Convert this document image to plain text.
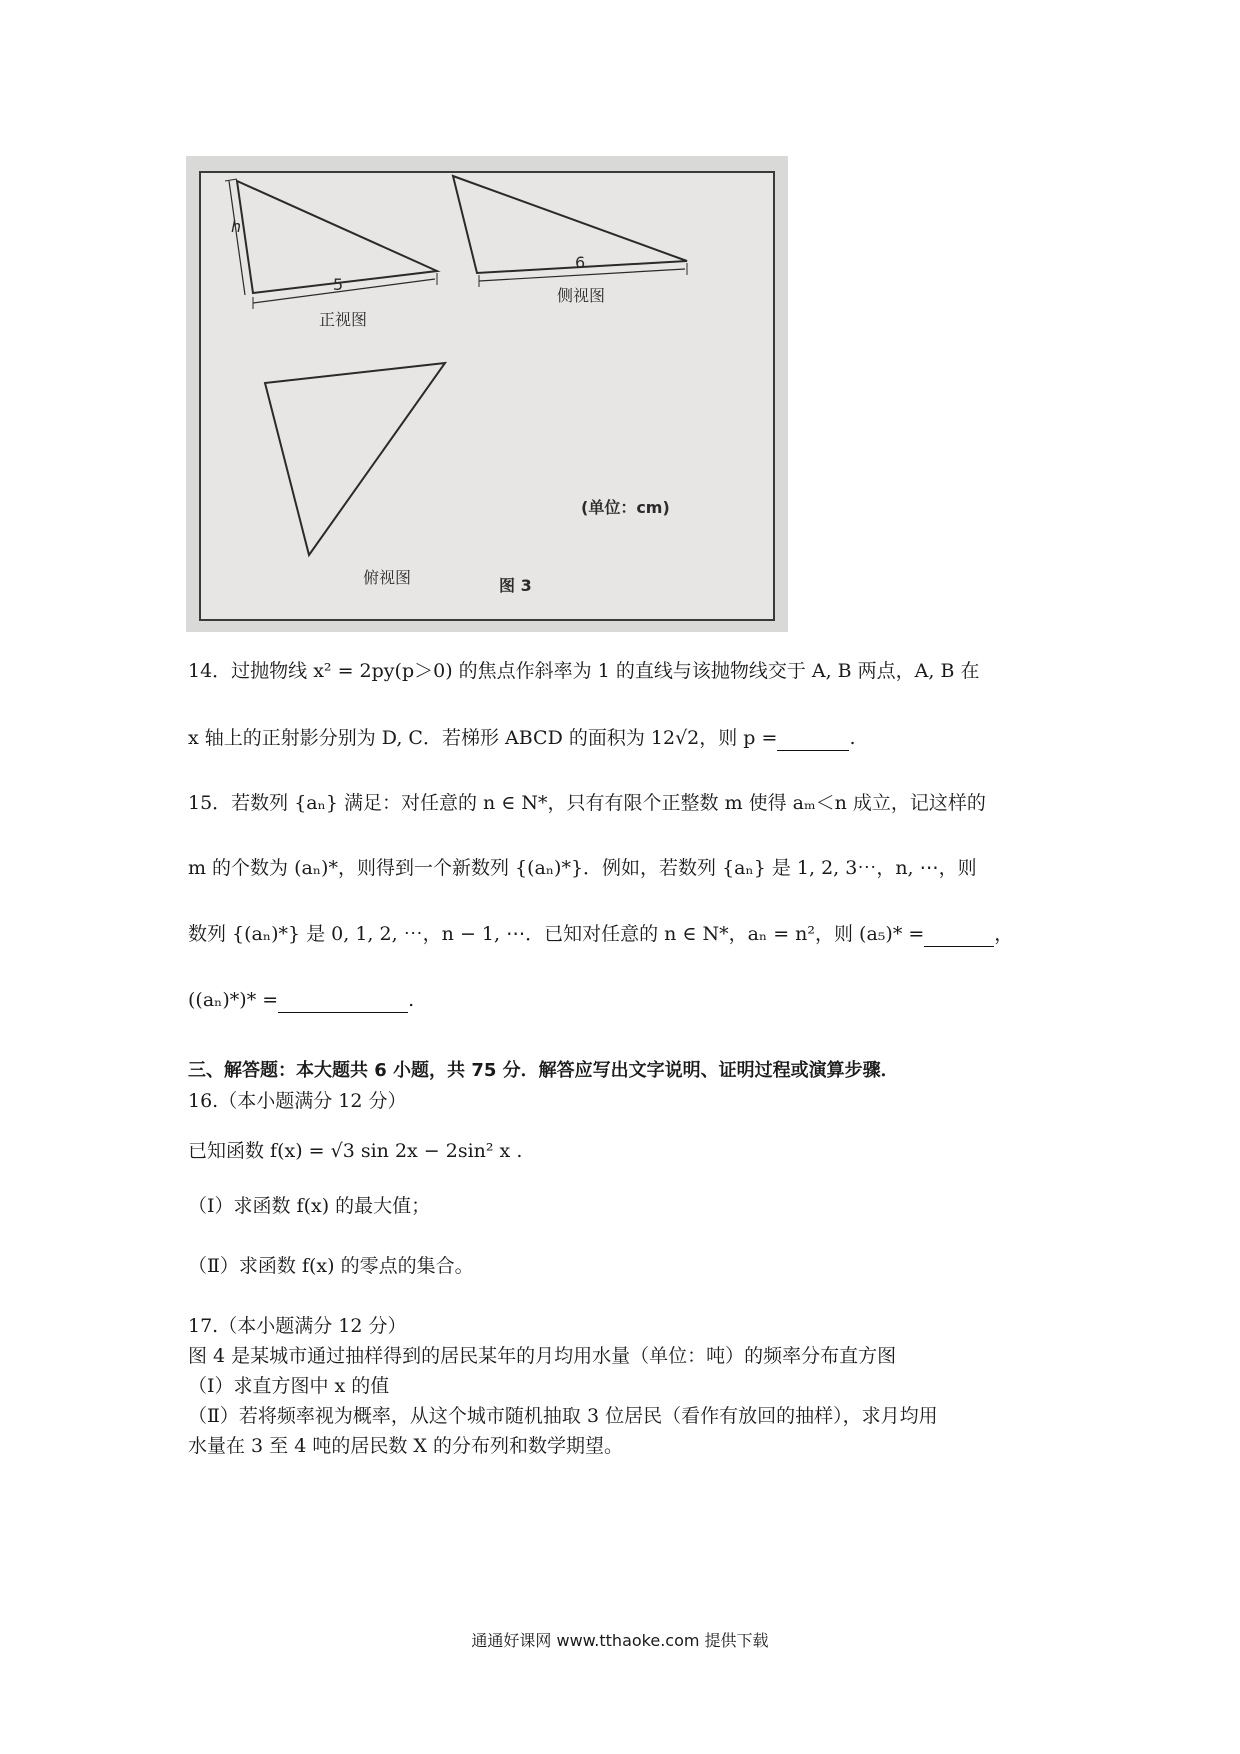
h
5
6
正视图
侧视图
俯视图	图 3
(单位：cm)
14．过抛物线 x² = 2py(p＞0) 的焦点作斜率为 1 的直线与该抛物线交于 A, B 两点，A, B 在
x 轴上的正射影分别为 D, C．若梯形 ABCD 的面积为 12√2，则 p =	.
15．若数列 {aₙ} 满足：对任意的 n ∈ N*，只有有限个正整数 m 使得 aₘ＜n 成立，记这样的
m 的个数为 (aₙ)*，则得到一个新数列 {(aₙ)*}．例如，若数列 {aₙ} 是 1, 2, 3⋯，n, ⋯，则
数列 {(aₙ)*} 是 0, 1, 2, ⋯，n − 1, ⋯．已知对任意的 n ∈ N*，aₙ = n²，则 (a₅)* =	，
((aₙ)*)* =	.
三、解答题：本大题共 6 小题，共 75 分．解答应写出文字说明、证明过程或演算步骤．
16.（本小题满分 12 分）
已知函数 f(x) = √3 sin 2x − 2sin² x .
（Ⅰ）求函数 f(x) 的最大值；
（Ⅱ）求函数 f(x) 的零点的集合。
17.（本小题满分 12 分）
图 4 是某城市通过抽样得到的居民某年的月均用水量（单位：吨）的频率分布直方图
（Ⅰ）求直方图中 x 的值
（Ⅱ）若将频率视为概率，从这个城市随机抽取 3 位居民（看作有放回的抽样），求月均用
水量在 3 至 4 吨的居民数 X 的分布列和数学期望。
通通好课网 www.tthaoke.com 提供下载
